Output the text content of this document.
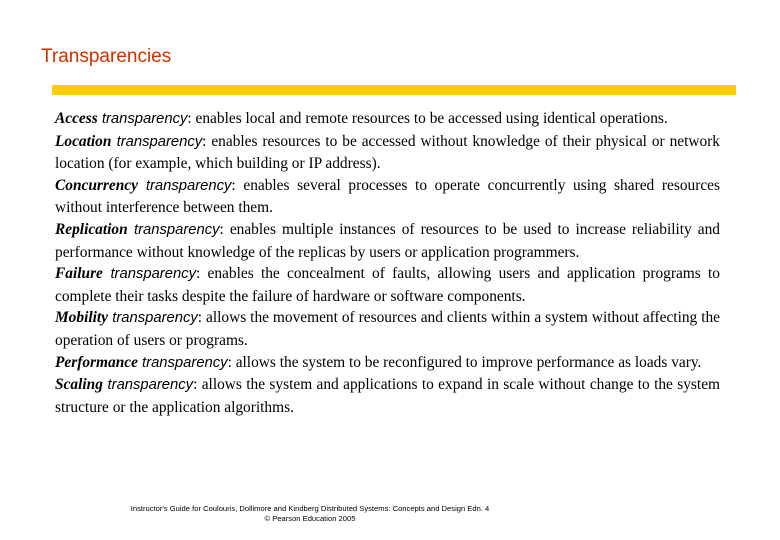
Transparencies

Access transparency: enables local and remote resources to be accessed using identical operations.

Location transparency: enables resources to be accessed without knowledge of their physical or network location (for example, which building or IP address).

Concurrency transparency: enables several processes to operate concurrently using shared resources without interference between them.

Replication transparency: enables multiple instances of resources to be used to increase reliability and performance without knowledge of the replicas by users or application programmers.

Failure transparency: enables the concealment of faults, allowing users and application programs to complete their tasks despite the failure of hardware or software components.

Mobility transparency: allows the movement of resources and clients within a system without affecting the operation of users or programs.

Performance transparency: allows the system to be reconfigured to improve performance as loads vary.

Scaling transparency: allows the system and applications to expand in scale without change to the system structure or the application algorithms.

Instructor's Guide for Coulouris, Dollimore and Kindberg Distributed Systems: Concepts and Design Edn. 4
© Pearson Education 2005
